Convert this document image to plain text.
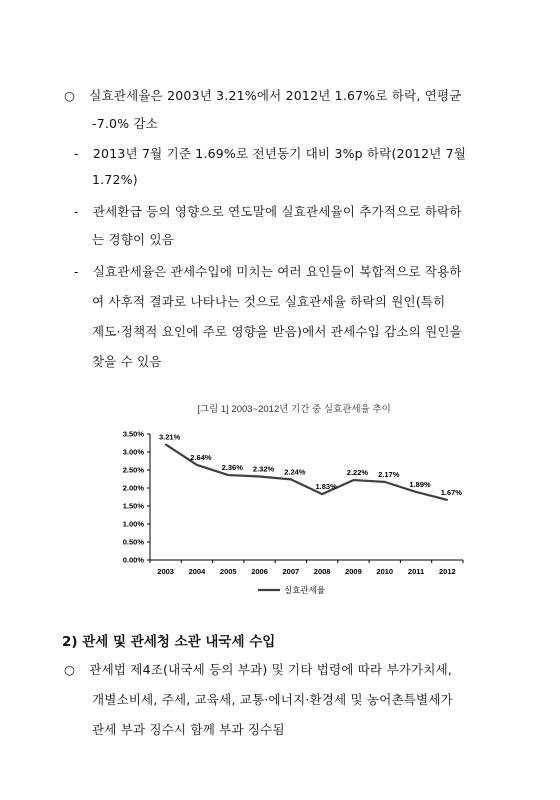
○ 실효관세율은 2003년 3.21%에서 2012년 1.67%로 하락, 연평균
-7.0% 감소
- 2013년 7월 기준 1.69%로 전년동기 대비 3%p 하락(2012년 7월
1.72%)
- 관세환급 등의 영향으로 연도말에 실효관세율이 추가적으로 하락하
는 경향이 있음
- 실효관세율은 관세수입에 미치는 여러 요인들이 복합적으로 작용하
여 사후적 결과로 나타나는 것으로 실효관세율 하락의 원인(특히
제도·정책적 요인에 주로 영향을 받음)에서 관세수입 감소의 원인을
찾을 수 있음
[그림 1] 2003~2012년 기간 중 실효관세율 추이
3.50%
3.00%
2.50%
2.00%
1.50%
1.00%
0.50%
0.00%
2003 2004 2005 2006 2007 2008 2009 2010 2011 2012
3.21%
2.64%
2.36% 2.32% 2.24%
1.83%
2.22% 2.17%
1.89%
1.67%
실효관세율
2) 관세 및 관세청 소관 내국세 수입
○ 관세법 제4조(내국세 등의 부과) 및 기타 법령에 따라 부가가치세,
개별소비세, 주세, 교육세, 교통·에너지·환경세 및 농어촌특별세가
관세 부과 징수시 함께 부과 징수됨
